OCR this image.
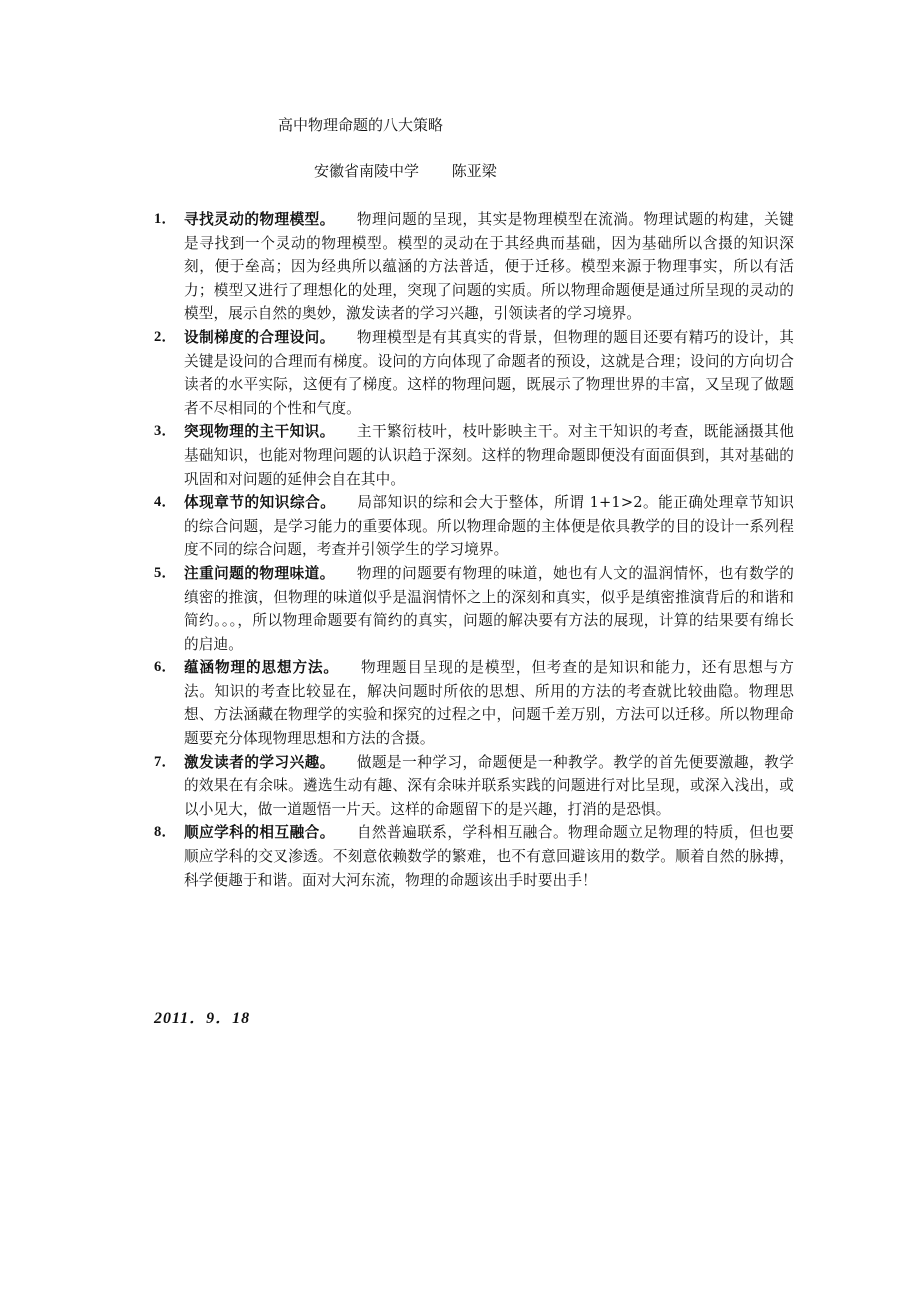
高中物理命题的八大策略
安徽省南陵中学 陈亚梁
1． 寻找灵动的物理模型。 物理问题的呈现，其实是物理模型在流淌。物理试题的构建，关键是寻找到一个灵动的物理模型。模型的灵动在于其经典而基础，因为基础所以含摄的知识深刻，便于垒高；因为经典所以蕴涵的方法普适，便于迁移。模型来源于物理事实，所以有活力；模型又进行了理想化的处理，突现了问题的实质。所以物理命题便是通过所呈现的灵动的模型，展示自然的奥妙，激发读者的学习兴趣，引领读者的学习境界。
2． 设制梯度的合理设问。 物理模型是有其真实的背景，但物理的题目还要有精巧的设计，其关键是设问的合理而有梯度。设问的方向体现了命题者的预设，这就是合理；设问的方向切合读者的水平实际，这便有了梯度。这样的物理问题，既展示了物理世界的丰富，又呈现了做题者不尽相同的个性和气度。
3． 突现物理的主干知识。 主干繁衍枝叶，枝叶影映主干。对主干知识的考查，既能涵摄其他基础知识，也能对物理问题的认识趋于深刻。这样的物理命题即便没有面面俱到，其对基础的巩固和对问题的延伸会自在其中。
4． 体现章节的知识综合。 局部知识的综和会大于整体，所谓 1+1>2。能正确处理章节知识的综合问题，是学习能力的重要体现。所以物理命题的主体便是依具教学的目的设计一系列程度不同的综合问题，考查并引领学生的学习境界。
5． 注重问题的物理味道。 物理的问题要有物理的味道，她也有人文的温润情怀，也有数学的缜密的推演，但物理的味道似乎是温润情怀之上的深刻和真实，似乎是缜密推演背后的和谐和简约。。。，所以物理命题要有简约的真实，问题的解决要有方法的展现，计算的结果要有绵长的启迪。
6． 蕴涵物理的思想方法。 物理题目呈现的是模型，但考查的是知识和能力，还有思想与方法。知识的考查比较显在，解决问题时所依的思想、所用的方法的考查就比较曲隐。物理思想、方法涵藏在物理学的实验和探究的过程之中，问题千差万别，方法可以迁移。所以物理命题要充分体现物理思想和方法的含摄。
7． 激发读者的学习兴趣。 做题是一种学习，命题便是一种教学。教学的首先便要激趣，教学的效果在有余味。遴选生动有趣、深有余味并联系实践的问题进行对比呈现，或深入浅出，或以小见大，做一道题悟一片天。这样的命题留下的是兴趣，打消的是恐惧。
8． 顺应学科的相互融合。 自然普遍联系，学科相互融合。物理命题立足物理的特质，但也要顺应学科的交叉渗透。不刻意依赖数学的繁难，也不有意回避该用的数学。顺着自然的脉搏，科学便趣于和谐。面对大河东流，物理的命题该出手时要出手！
2011．9．18
